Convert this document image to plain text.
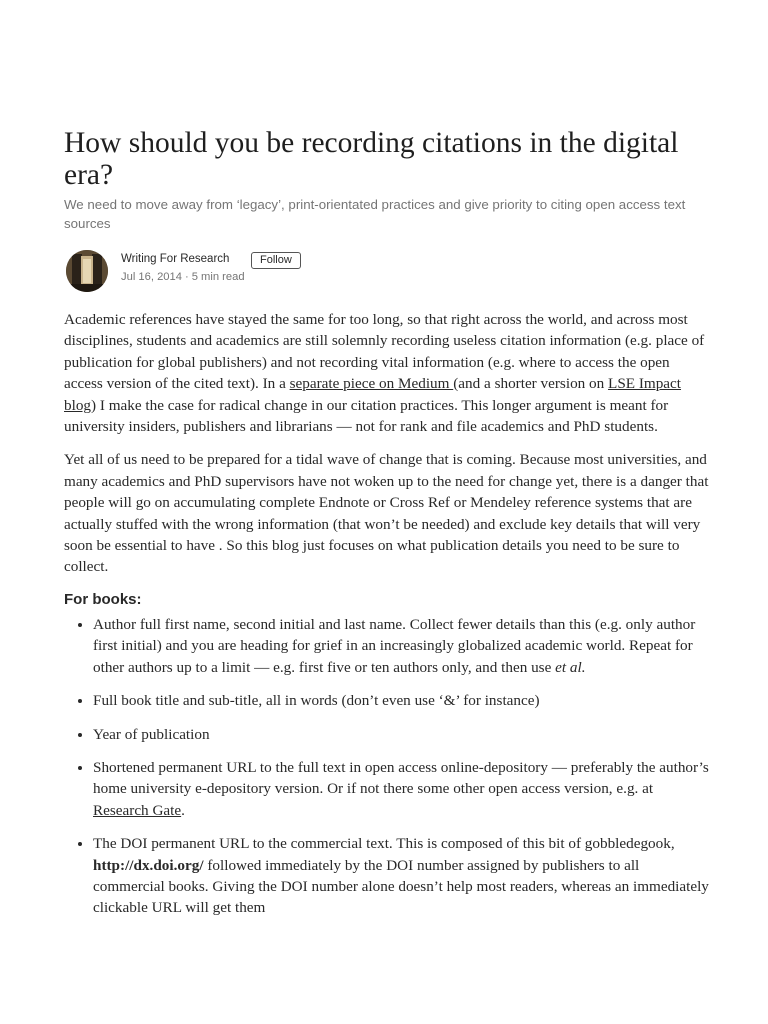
How should you be recording citations in the digital era?

We need to move away from ‘legacy’, print-orientated practices and give priority to citing open access text sources

Writing For Research	Follow
Jul 16, 2014 · 5 min read

Academic references have stayed the same for too long, so that right across the world, and across most disciplines, students and academics are still solemnly recording useless citation information (e.g. place of publication for global publishers) and not recording vital information (e.g. where to access the open access version of the cited text). In a separate piece on Medium (and a shorter version on LSE Impact blog) I make the case for radical change in our citation practices. This longer argument is meant for university insiders, publishers and librarians — not for rank and file academics and PhD students.

Yet all of us need to be prepared for a tidal wave of change that is coming. Because most universities, and many academics and PhD supervisors have not woken up to the need for change yet, there is a danger that people will go on accumulating complete Endnote or Cross Ref or Mendeley reference systems that are actually stuffed with the wrong information (that won’t be needed) and exclude key details that will very soon be essential to have . So this blog just focuses on what publication details you need to be sure to collect.

For books:
• Author full first name, second initial and last name. Collect fewer details than this (e.g. only author first initial) and you are heading for grief in an increasingly globalized academic world. Repeat for other authors up to a limit — e.g. first five or ten authors only, and then use et al.
• Full book title and sub-title, all in words (don’t even use ‘&’ for instance)
• Year of publication
• Shortened permanent URL to the full text in open access online-depository — preferably the author’s home university e-depository version. Or if not there some other open access version, e.g. at Research Gate.
• The DOI permanent URL to the commercial text. This is composed of this bit of gobbledegook, http://dx.doi.org/ followed immediately by the DOI number assigned by publishers to all commercial books. Giving the DOI number alone doesn’t help most readers, whereas an immediately clickable URL will get them
